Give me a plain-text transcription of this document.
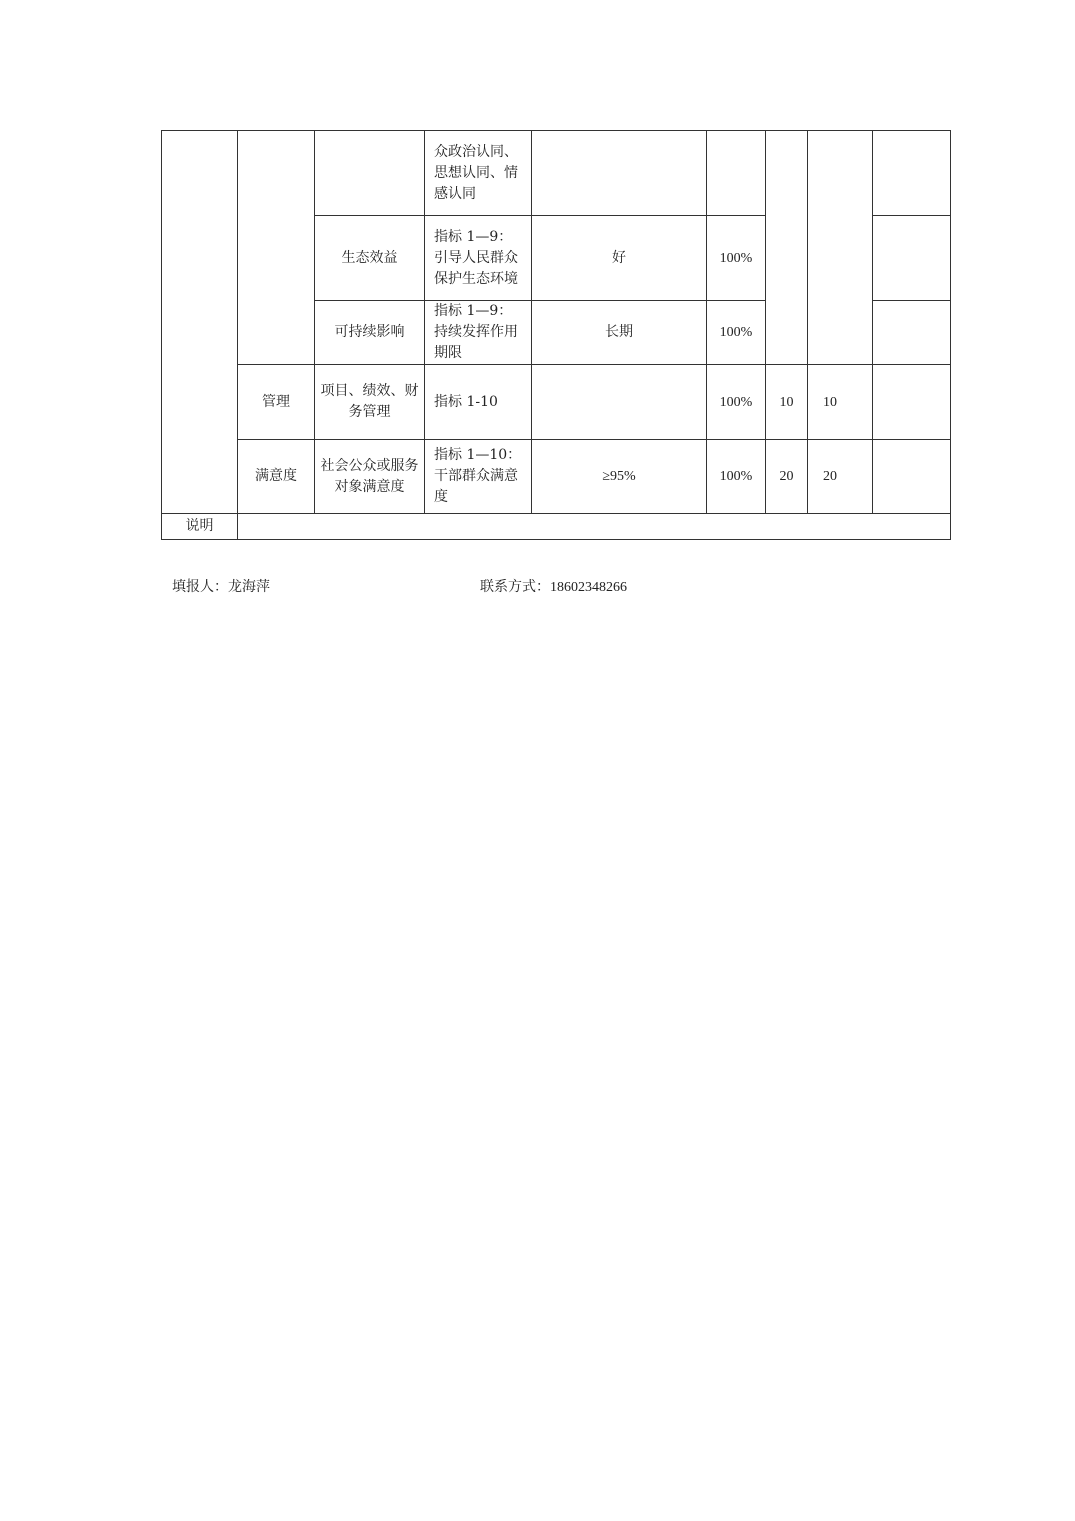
			众政治认同、思想认同、情感认同					
		生态效益	指标 1—9：引导人民群众保护生态环境	好	100%			
		可持续影响	指标 1—9：持续发挥作用期限	长期	100%			
	管理	项目、绩效、财务管理	指标 1-10		100%	10	10	
	满意度	社会公众或服务对象满意度	指标 1—10：干部群众满意度	≥95%	100%	20	20	
说明								
填报人：龙海萍	联系方式：18602348266
